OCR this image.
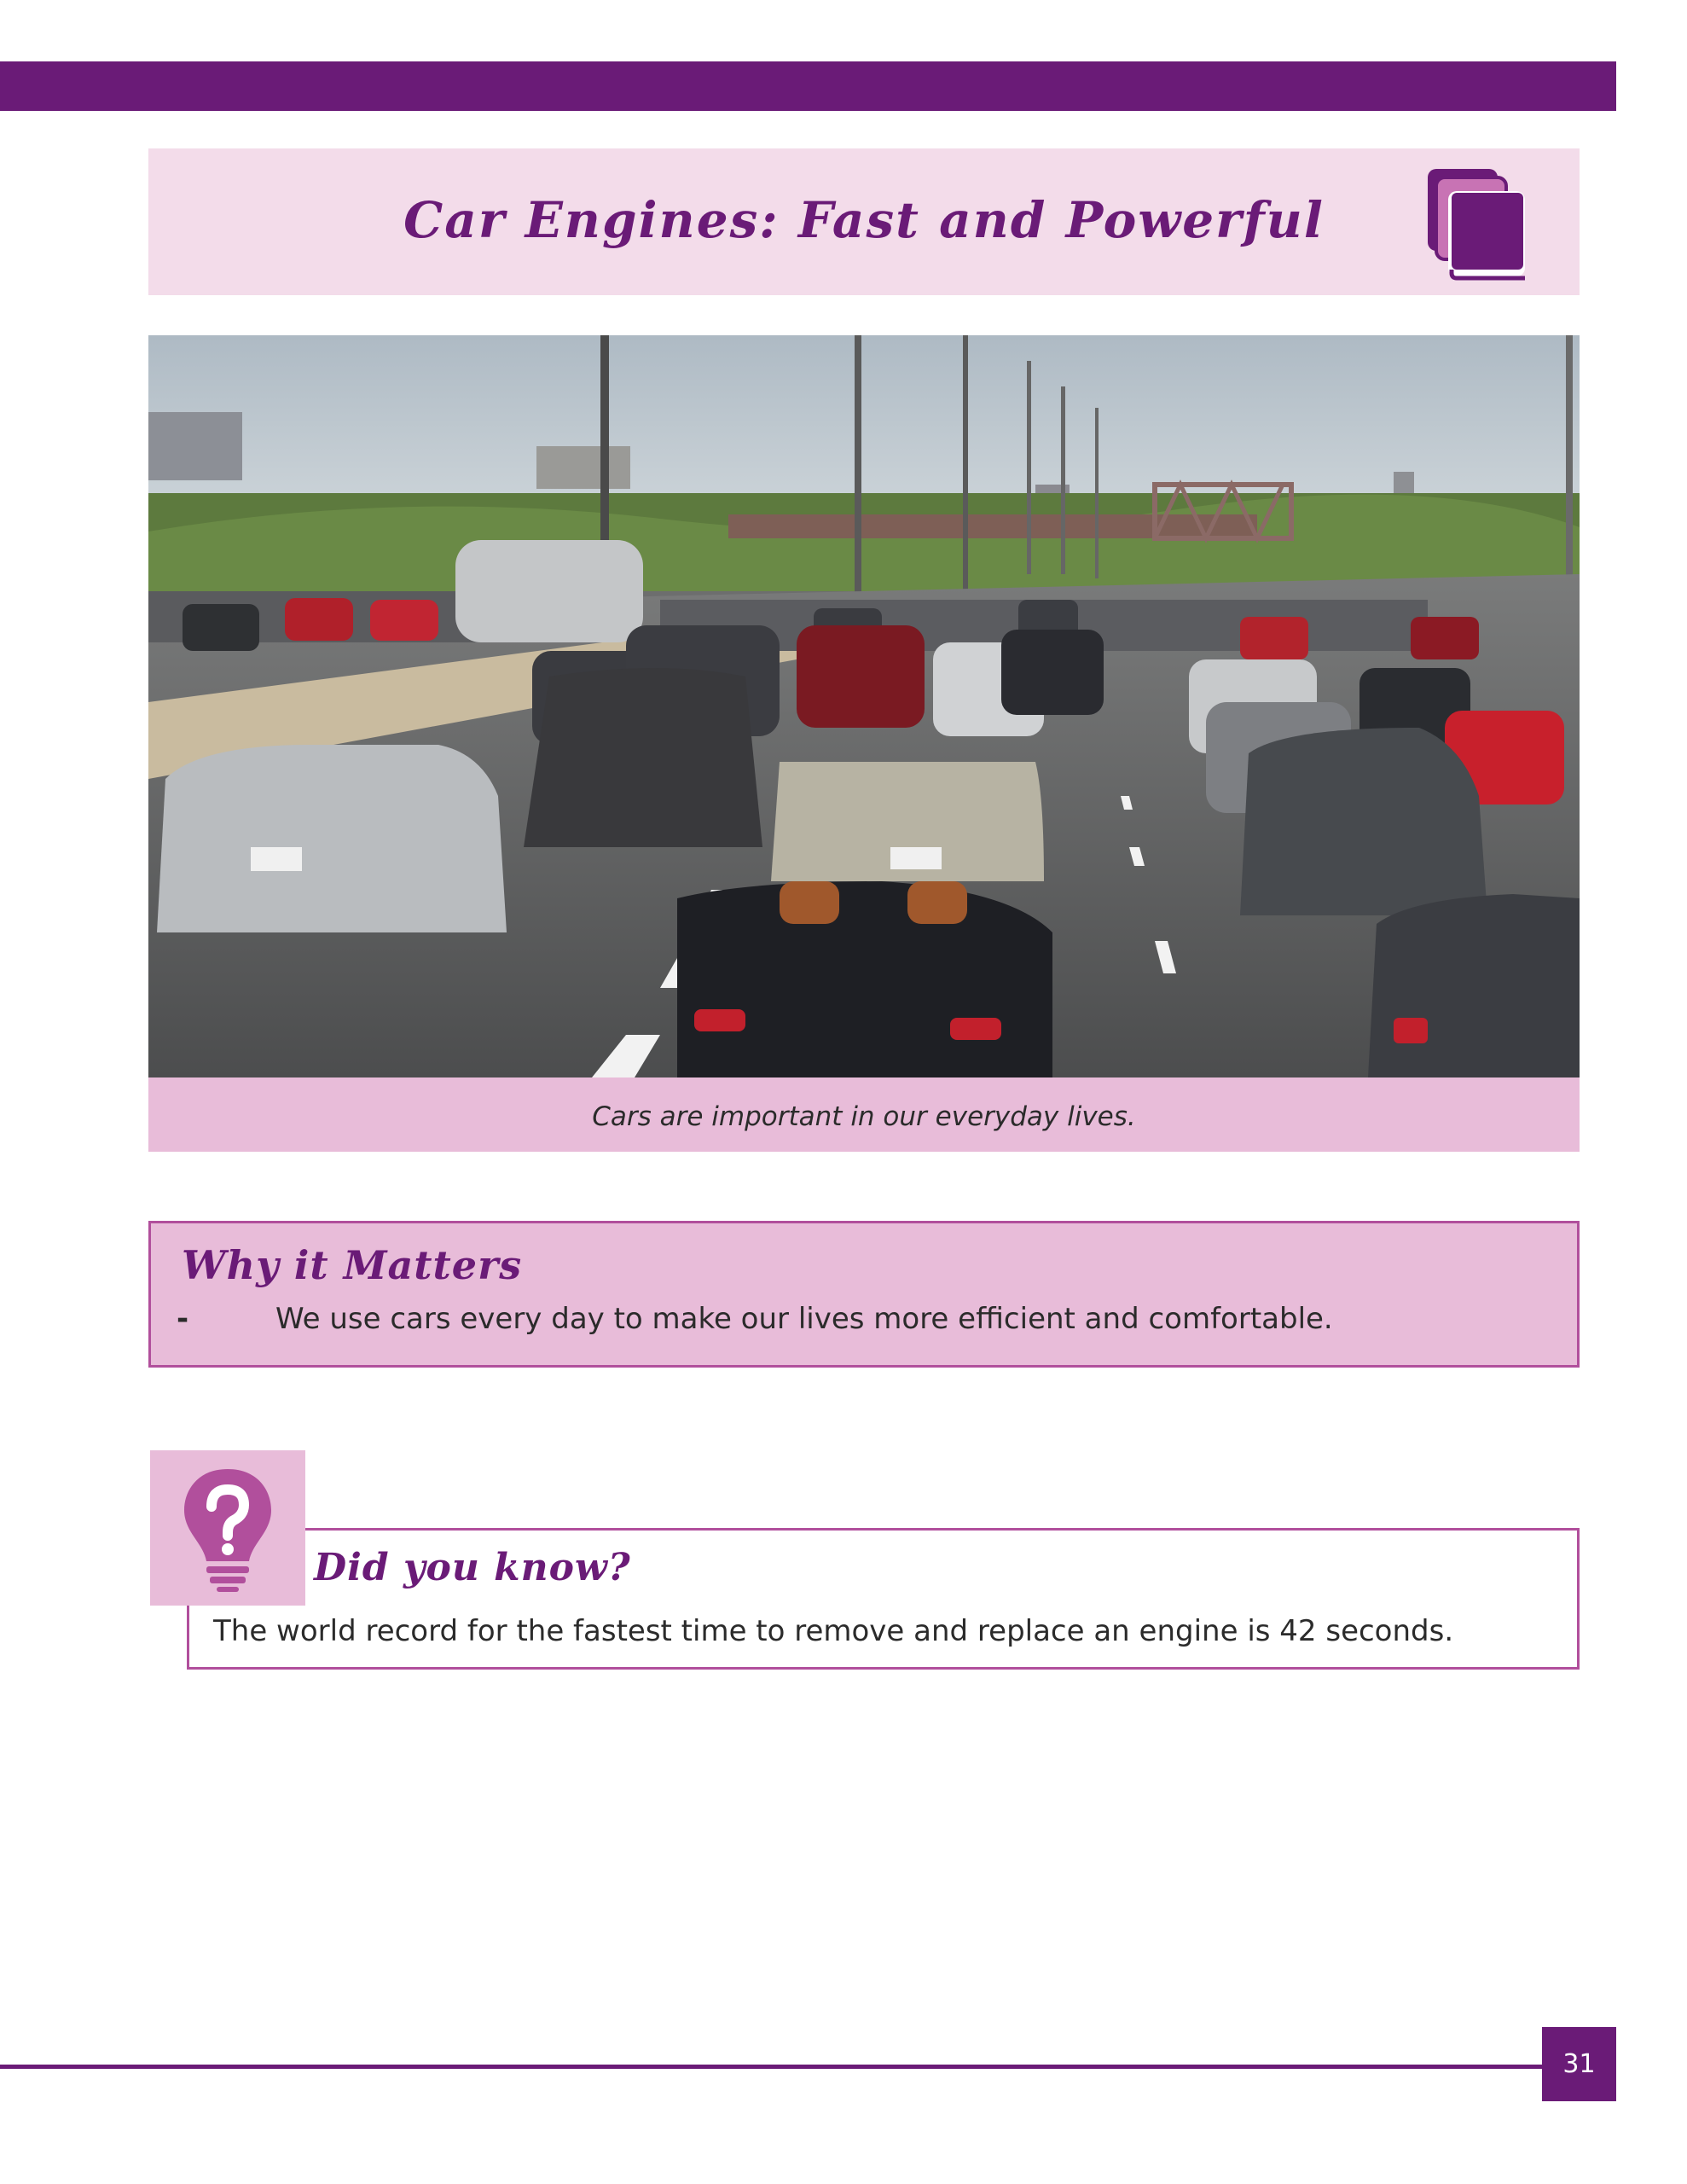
Car Engines: Fast and Powerful
Cars are important in our everyday lives.
Why it Matters
-	We use cars every day to make our lives more efficient and comfortable.
Did you know?
The world record for the fastest time to remove and replace an engine is 42 seconds.
31
